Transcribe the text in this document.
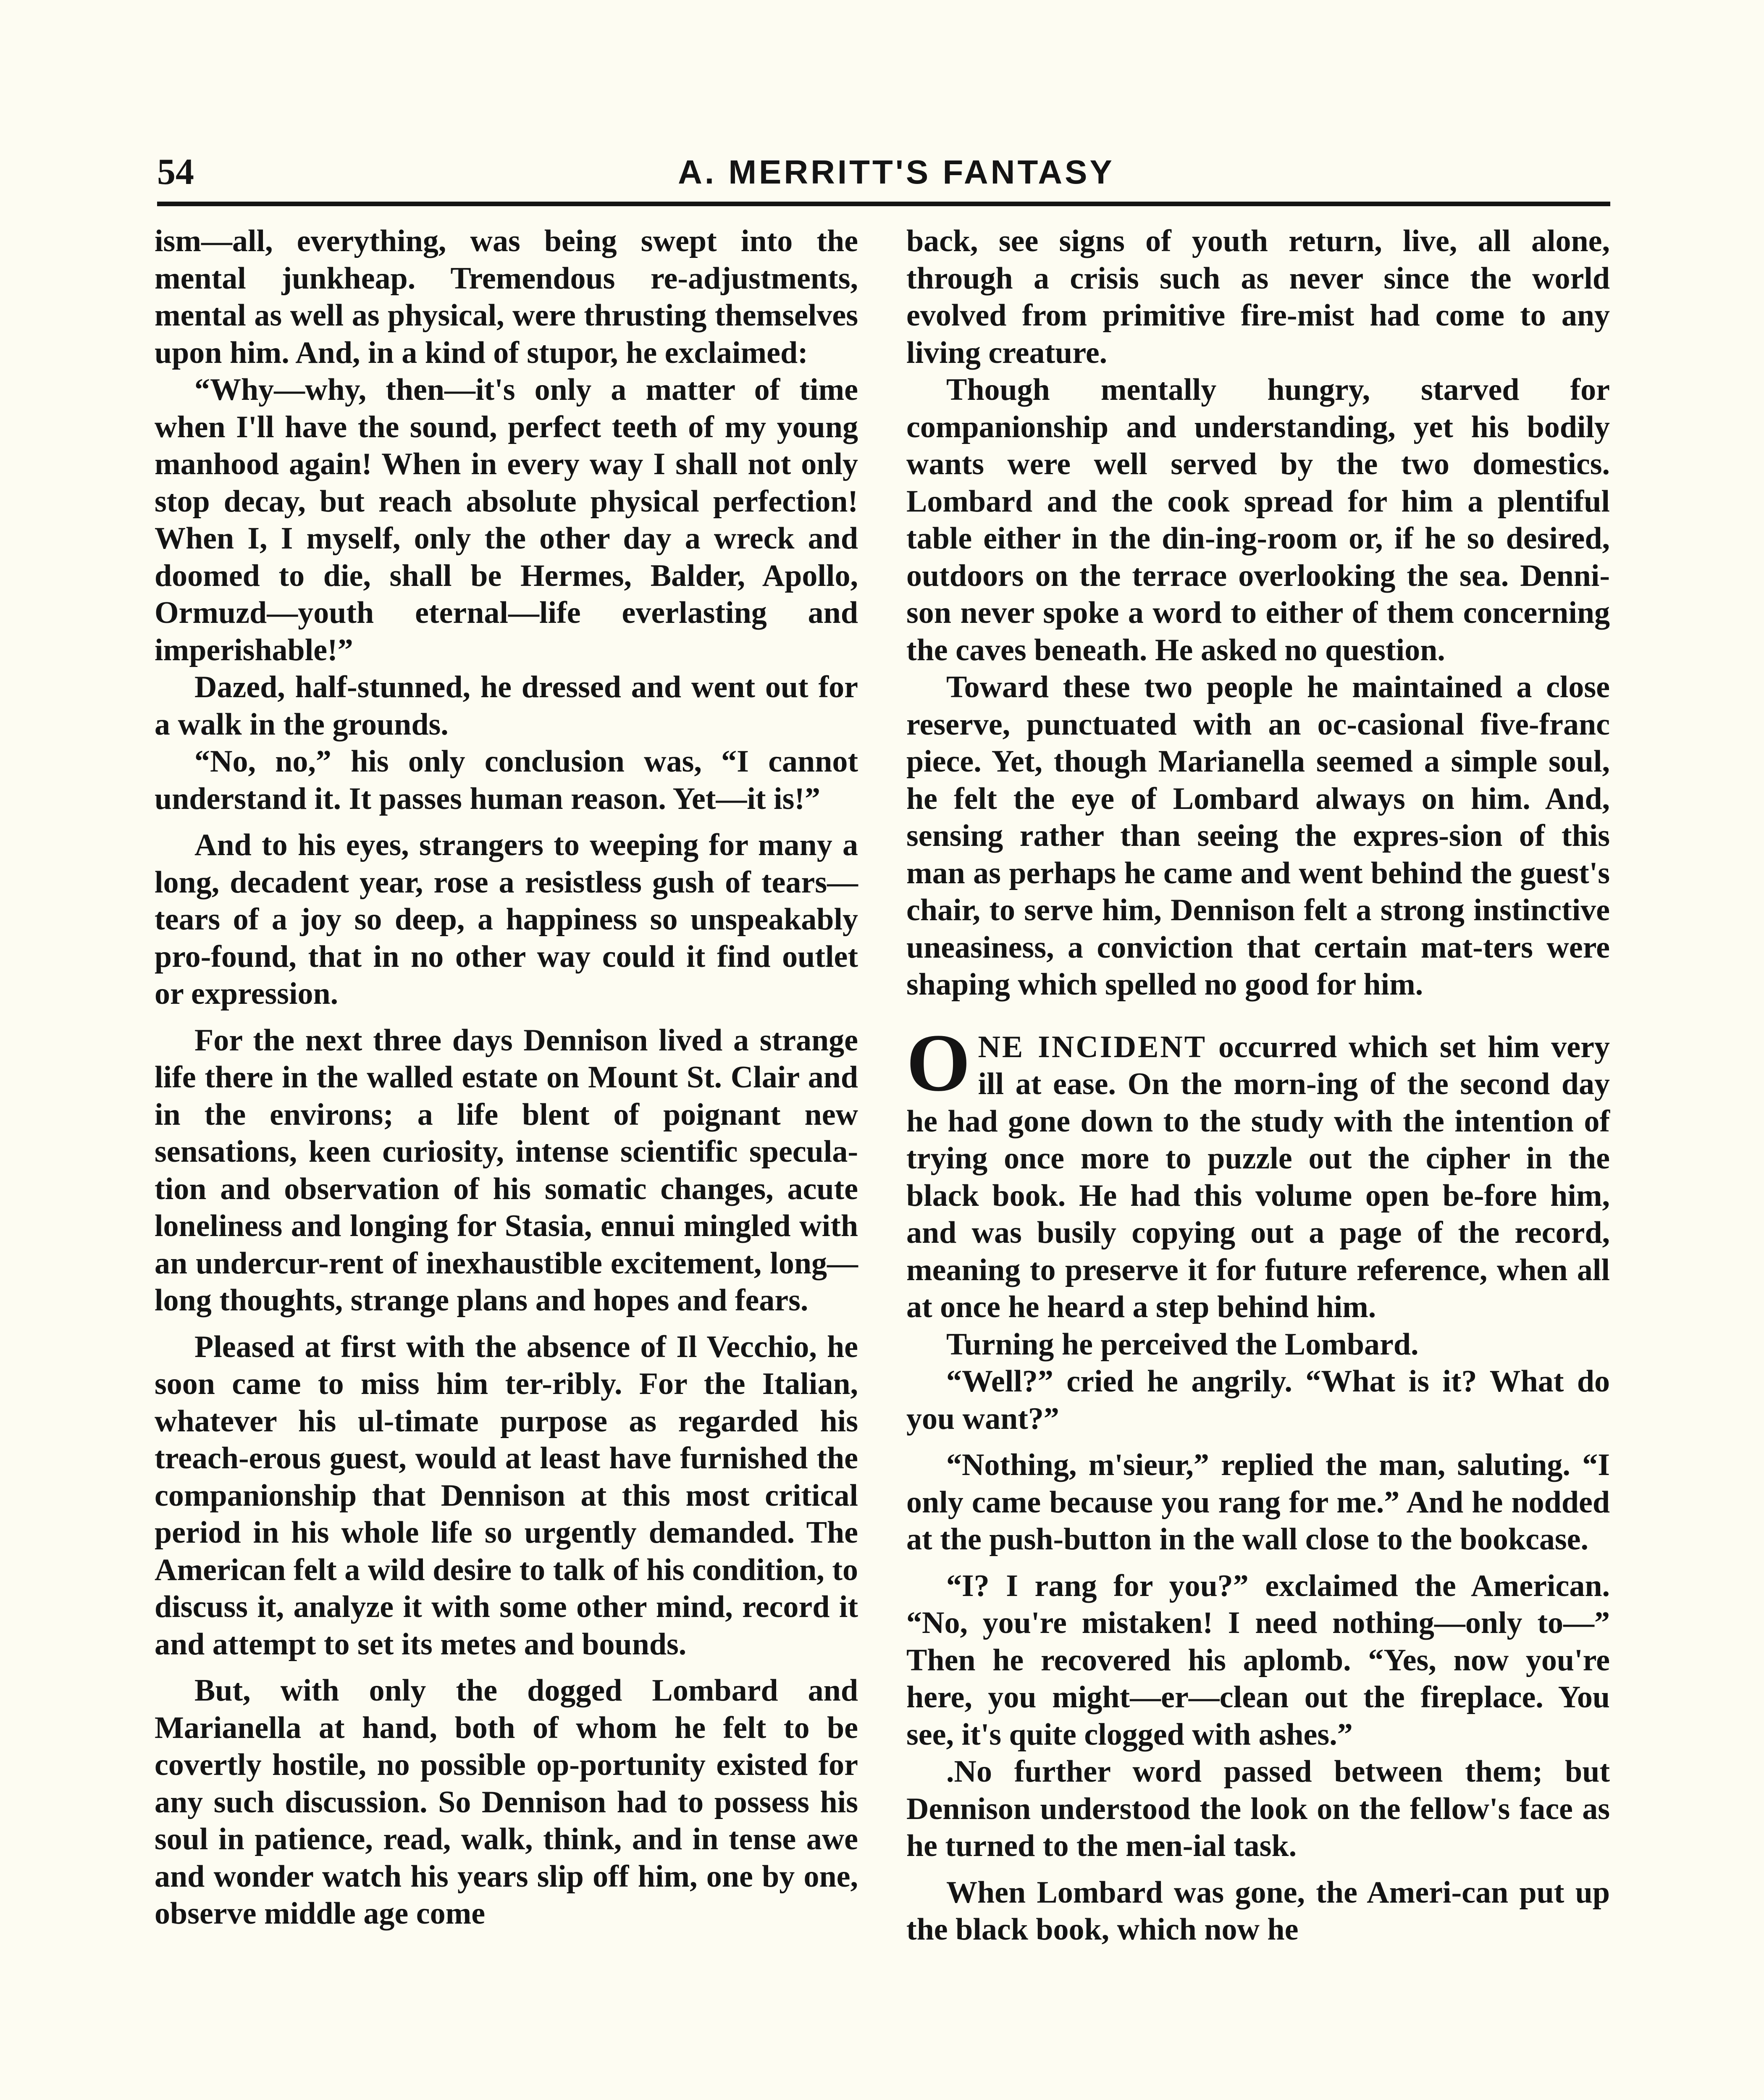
54	A. MERRITT'S FANTASY

ism—all, everything, was being swept into the mental junkheap. Tremendous re-adjustments, mental as well as physical, were thrusting themselves upon him. And, in a kind of stupor, he exclaimed:

“Why—why, then—it's only a matter of time when I'll have the sound, perfect teeth of my young manhood again! When in every way I shall not only stop decay, but reach absolute physical perfection! When I, I myself, only the other day a wreck and doomed to die, shall be Hermes, Balder, Apollo, Ormuzd—youth eternal—life everlasting and imperishable!”

Dazed, half-stunned, he dressed and went out for a walk in the grounds.

“No, no,” his only conclusion was, “I cannot understand it. It passes human reason. Yet—it is!”

And to his eyes, strangers to weeping for many a long, decadent year, rose a resistless gush of tears—tears of a joy so deep, a happiness so unspeakably pro-found, that in no other way could it find outlet or expression.

For the next three days Dennison lived a strange life there in the walled estate on Mount St. Clair and in the environs; a life blent of poignant new sensations, keen curiosity, intense scientific specula-tion and observation of his somatic changes, acute loneliness and longing for Stasia, ennui mingled with an undercur-rent of inexhaustible excitement, long—long thoughts, strange plans and hopes and fears.

Pleased at first with the absence of Il Vecchio, he soon came to miss him ter-ribly. For the Italian, whatever his ul-timate purpose as regarded his treach-erous guest, would at least have furnished the companionship that Dennison at this most critical period in his whole life so urgently demanded. The American felt a wild desire to talk of his condition, to discuss it, analyze it with some other mind, record it and attempt to set its metes and bounds.

But, with only the dogged Lombard and Marianella at hand, both of whom he felt to be covertly hostile, no possible op-portunity existed for any such discussion. So Dennison had to possess his soul in patience, read, walk, think, and in tense awe and wonder watch his years slip off him, one by one, observe middle age come

back, see signs of youth return, live, all alone, through a crisis such as never since the world evolved from primitive fire-mist had come to any living creature.

Though mentally hungry, starved for companionship and understanding, yet his bodily wants were well served by the two domestics. Lombard and the cook spread for him a plentiful table either in the din-ing-room or, if he so desired, outdoors on the terrace overlooking the sea. Denni-son never spoke a word to either of them concerning the caves beneath. He asked no question.

Toward these two people he maintained a close reserve, punctuated with an oc-casional five-franc piece. Yet, though Marianella seemed a simple soul, he felt the eye of Lombard always on him. And, sensing rather than seeing the expres-sion of this man as perhaps he came and went behind the guest's chair, to serve him, Dennison felt a strong instinctive uneasiness, a conviction that certain mat-ters were shaping which spelled no good for him.

ONE INCIDENT occurred which set him very ill at ease. On the morn-ing of the second day he had gone down to the study with the intention of trying once more to puzzle out the cipher in the black book. He had this volume open be-fore him, and was busily copying out a page of the record, meaning to preserve it for future reference, when all at once he heard a step behind him.

Turning he perceived the Lombard.

“Well?” cried he angrily. “What is it? What do you want?”

“Nothing, m'sieur,” replied the man, saluting. “I only came because you rang for me.” And he nodded at the push-button in the wall close to the bookcase.

“I? I rang for you?” exclaimed the American. “No, you're mistaken! I need nothing—only to—” Then he recovered his aplomb. “Yes, now you're here, you might—er—clean out the fireplace. You see, it's quite clogged with ashes.”

.No further word passed between them; but Dennison understood the look on the fellow's face as he turned to the men-ial task.

When Lombard was gone, the Ameri-can put up the black book, which now he
